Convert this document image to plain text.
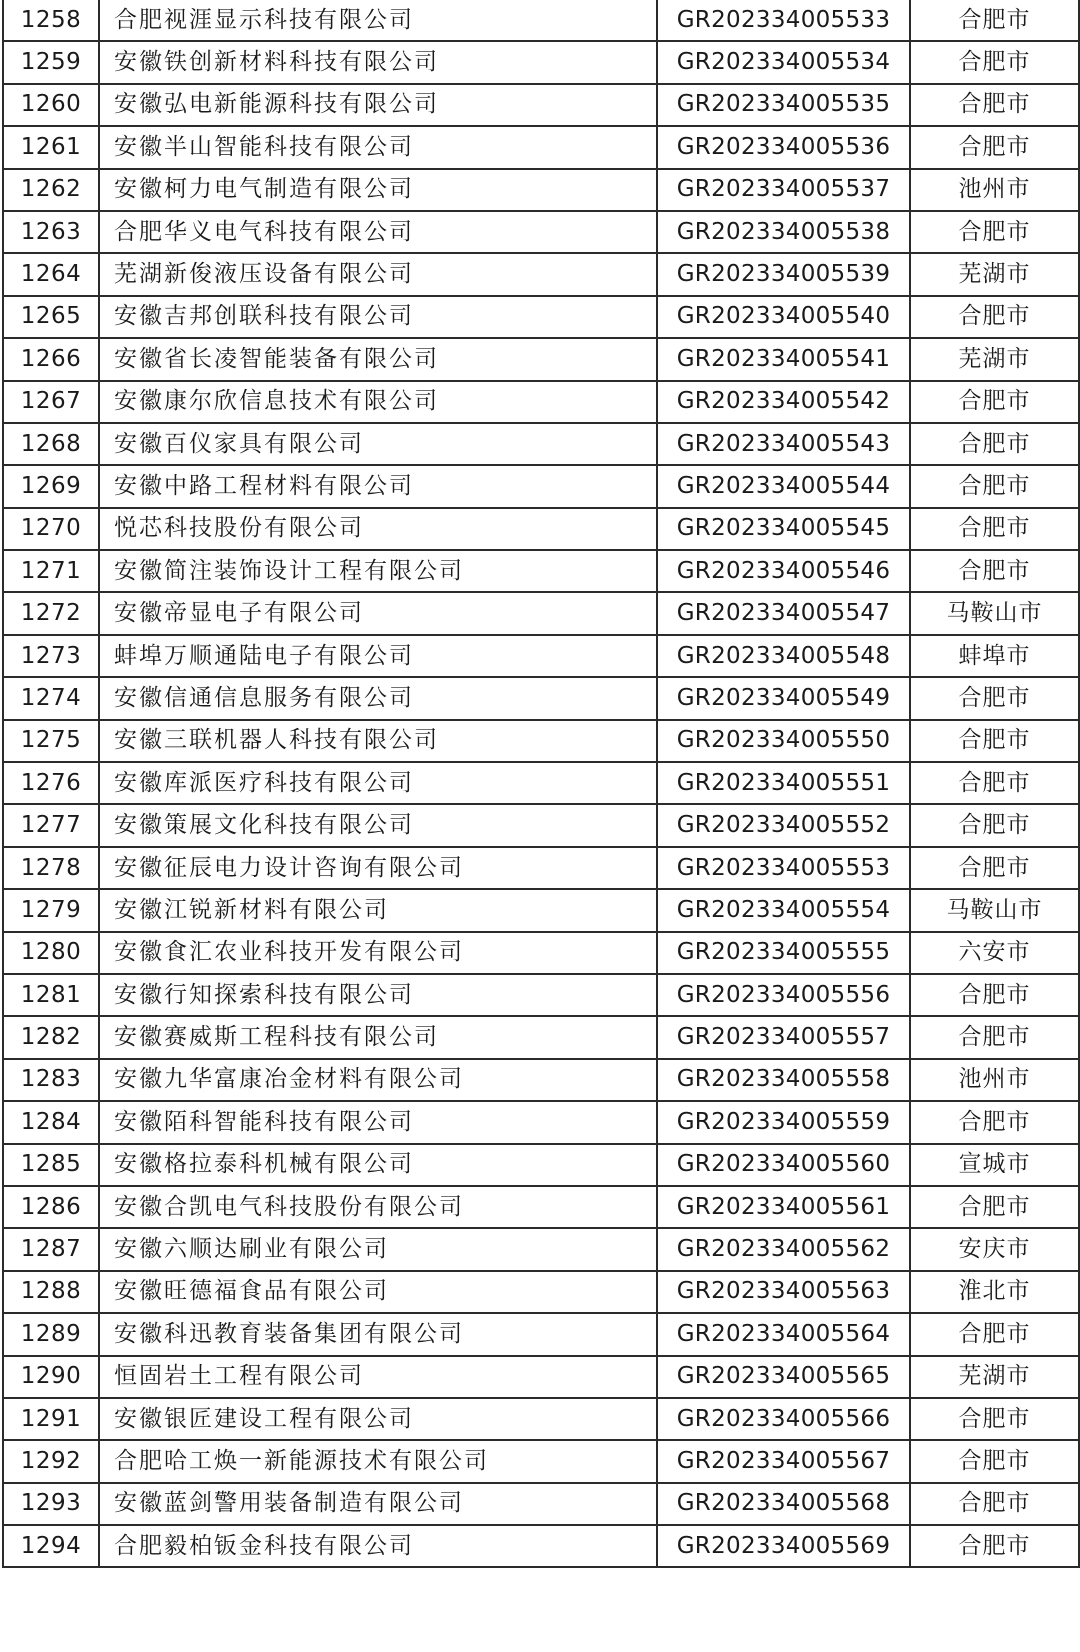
1258	合肥视涯显示科技有限公司	GR202334005533	合肥市
1259	安徽铁创新材料科技有限公司	GR202334005534	合肥市
1260	安徽弘电新能源科技有限公司	GR202334005535	合肥市
1261	安徽半山智能科技有限公司	GR202334005536	合肥市
1262	安徽柯力电气制造有限公司	GR202334005537	池州市
1263	合肥华义电气科技有限公司	GR202334005538	合肥市
1264	芜湖新俊液压设备有限公司	GR202334005539	芜湖市
1265	安徽吉邦创联科技有限公司	GR202334005540	合肥市
1266	安徽省长凌智能装备有限公司	GR202334005541	芜湖市
1267	安徽康尔欣信息技术有限公司	GR202334005542	合肥市
1268	安徽百仪家具有限公司	GR202334005543	合肥市
1269	安徽中路工程材料有限公司	GR202334005544	合肥市
1270	悦芯科技股份有限公司	GR202334005545	合肥市
1271	安徽简注装饰设计工程有限公司	GR202334005546	合肥市
1272	安徽帝显电子有限公司	GR202334005547	马鞍山市
1273	蚌埠万顺通陆电子有限公司	GR202334005548	蚌埠市
1274	安徽信通信息服务有限公司	GR202334005549	合肥市
1275	安徽三联机器人科技有限公司	GR202334005550	合肥市
1276	安徽库派医疗科技有限公司	GR202334005551	合肥市
1277	安徽策展文化科技有限公司	GR202334005552	合肥市
1278	安徽征辰电力设计咨询有限公司	GR202334005553	合肥市
1279	安徽江锐新材料有限公司	GR202334005554	马鞍山市
1280	安徽食汇农业科技开发有限公司	GR202334005555	六安市
1281	安徽行知探索科技有限公司	GR202334005556	合肥市
1282	安徽赛威斯工程科技有限公司	GR202334005557	合肥市
1283	安徽九华富康冶金材料有限公司	GR202334005558	池州市
1284	安徽陌科智能科技有限公司	GR202334005559	合肥市
1285	安徽格拉泰科机械有限公司	GR202334005560	宣城市
1286	安徽合凯电气科技股份有限公司	GR202334005561	合肥市
1287	安徽六顺达刷业有限公司	GR202334005562	安庆市
1288	安徽旺德福食品有限公司	GR202334005563	淮北市
1289	安徽科迅教育装备集团有限公司	GR202334005564	合肥市
1290	恒固岩土工程有限公司	GR202334005565	芜湖市
1291	安徽银匠建设工程有限公司	GR202334005566	合肥市
1292	合肥哈工焕一新能源技术有限公司	GR202334005567	合肥市
1293	安徽蓝剑警用装备制造有限公司	GR202334005568	合肥市
1294	合肥毅柏钣金科技有限公司	GR202334005569	合肥市
